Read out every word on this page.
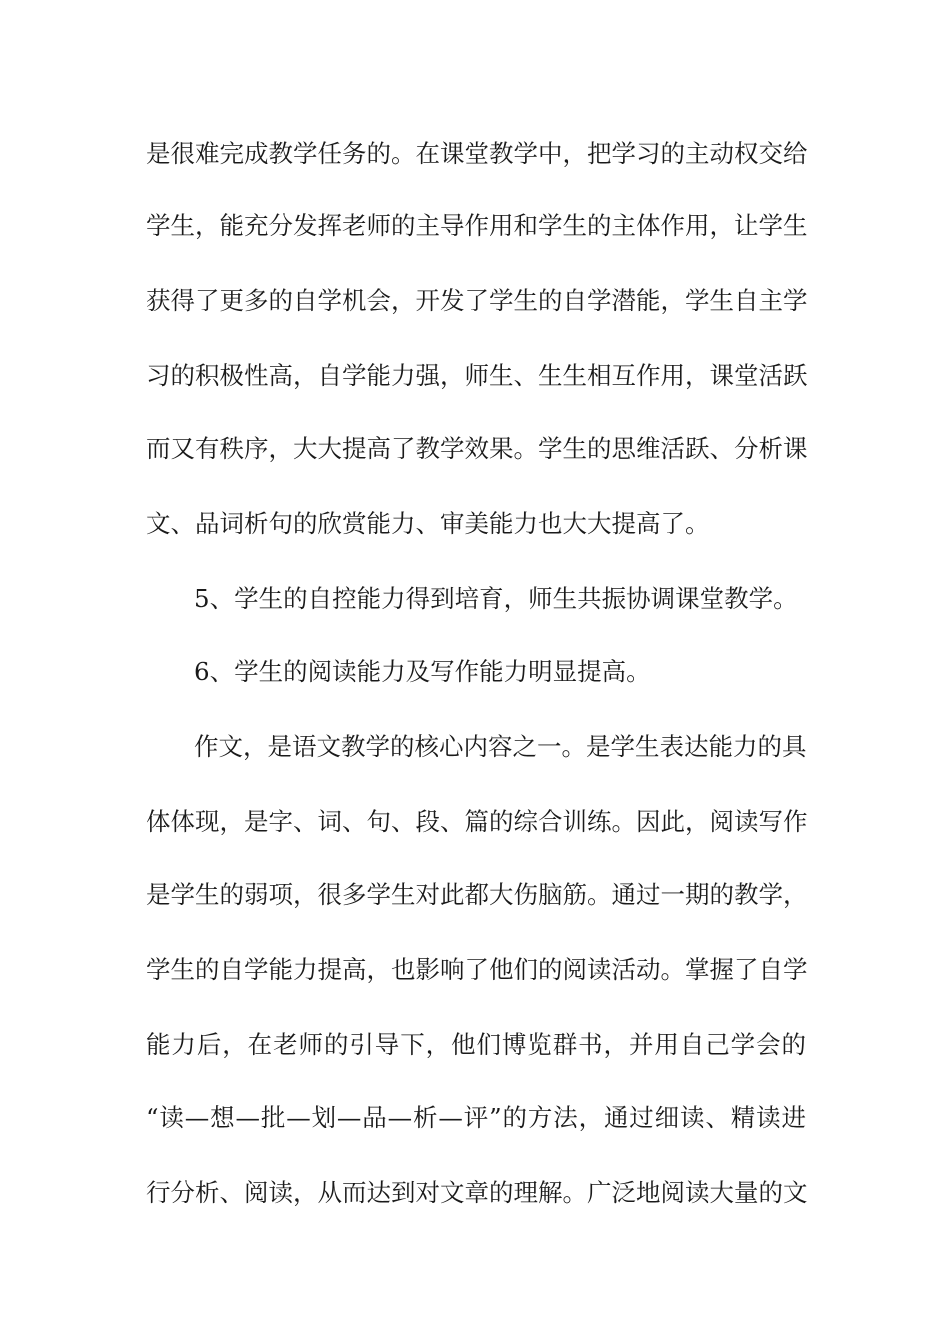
是很难完成教学任务的。在课堂教学中，把学习的主动权交给
学生，能充分发挥老师的主导作用和学生的主体作用，让学生
获得了更多的自学机会，开发了学生的自学潜能，学生自主学
习的积极性高，自学能力强，师生、生生相互作用，课堂活跃
而又有秩序，大大提高了教学效果。学生的思维活跃、分析课
文、品词析句的欣赏能力、审美能力也大大提高了。
5、学生的自控能力得到培育，师生共振协调课堂教学。
6、学生的阅读能力及写作能力明显提高。
作文，是语文教学的核心内容之一。是学生表达能力的具
体体现，是字、词、句、段、篇的综合训练。因此，阅读写作
是学生的弱项，很多学生对此都大伤脑筋。通过一期的教学，
学生的自学能力提高，也影响了他们的阅读活动。掌握了自学
能力后，在老师的引导下，他们博览群书，并用自己学会的
“读—想—批—划—品—析—评”的方法，通过细读、精读进
行分析、阅读，从而达到对文章的理解。广泛地阅读大量的文
